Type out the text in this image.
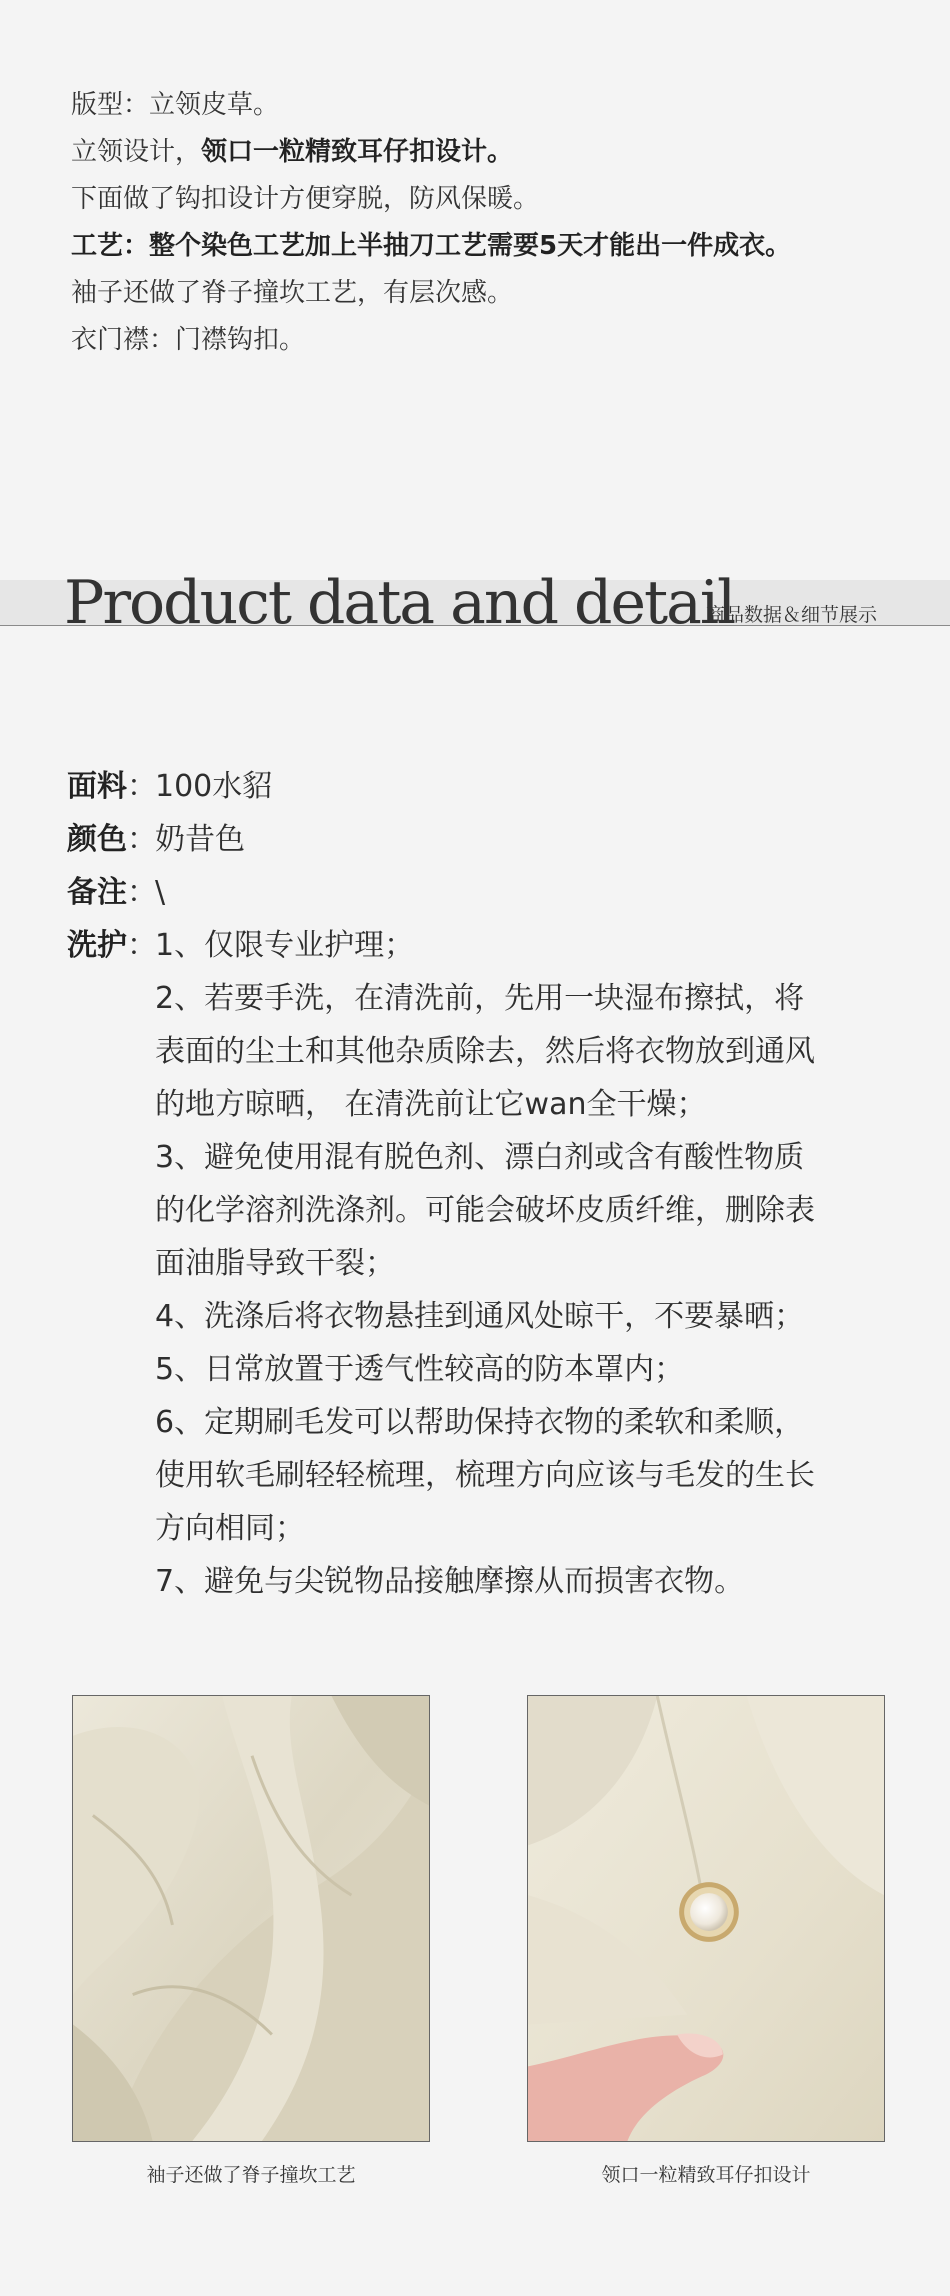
版型：立领皮草。

立领设计，领口一粒精致耳仔扣设计。

下面做了钩扣设计方便穿脱，防风保暖。

工艺：整个染色工艺加上半抽刀工艺需要5天才能出一件成衣。

袖子还做了脊子撞坎工艺，有层次感。

衣门襟：门襟钩扣。

Product data and detail
商品数据＆细节展示
面料：
100水貂
颜色：
奶昔色
备注：
\
洗护：
1、仅限专业护理；
2、若要手洗，在清洗前，先用一块湿布擦拭，将
表面的尘土和其他杂质除去，然后将衣物放到通风
的地方晾晒， 在清洗前让它wan全干燥；
3、避免使用混有脱色剂、漂白剂或含有酸性物质
的化学溶剂洗涤剂。可能会破坏皮质纤维，删除表
面油脂导致干裂；
4、洗涤后将衣物悬挂到通风处晾干，不要暴晒；
5、日常放置于透气性较高的防本罩内；
6、定期刷毛发可以帮助保持衣物的柔软和柔顺，
使用软毛刷轻轻梳理，梳理方向应该与毛发的生长
方向相同；
7、避免与尖锐物品接触摩擦从而损害衣物。
袖子还做了脊子撞坎工艺	领口一粒精致耳仔扣设计
